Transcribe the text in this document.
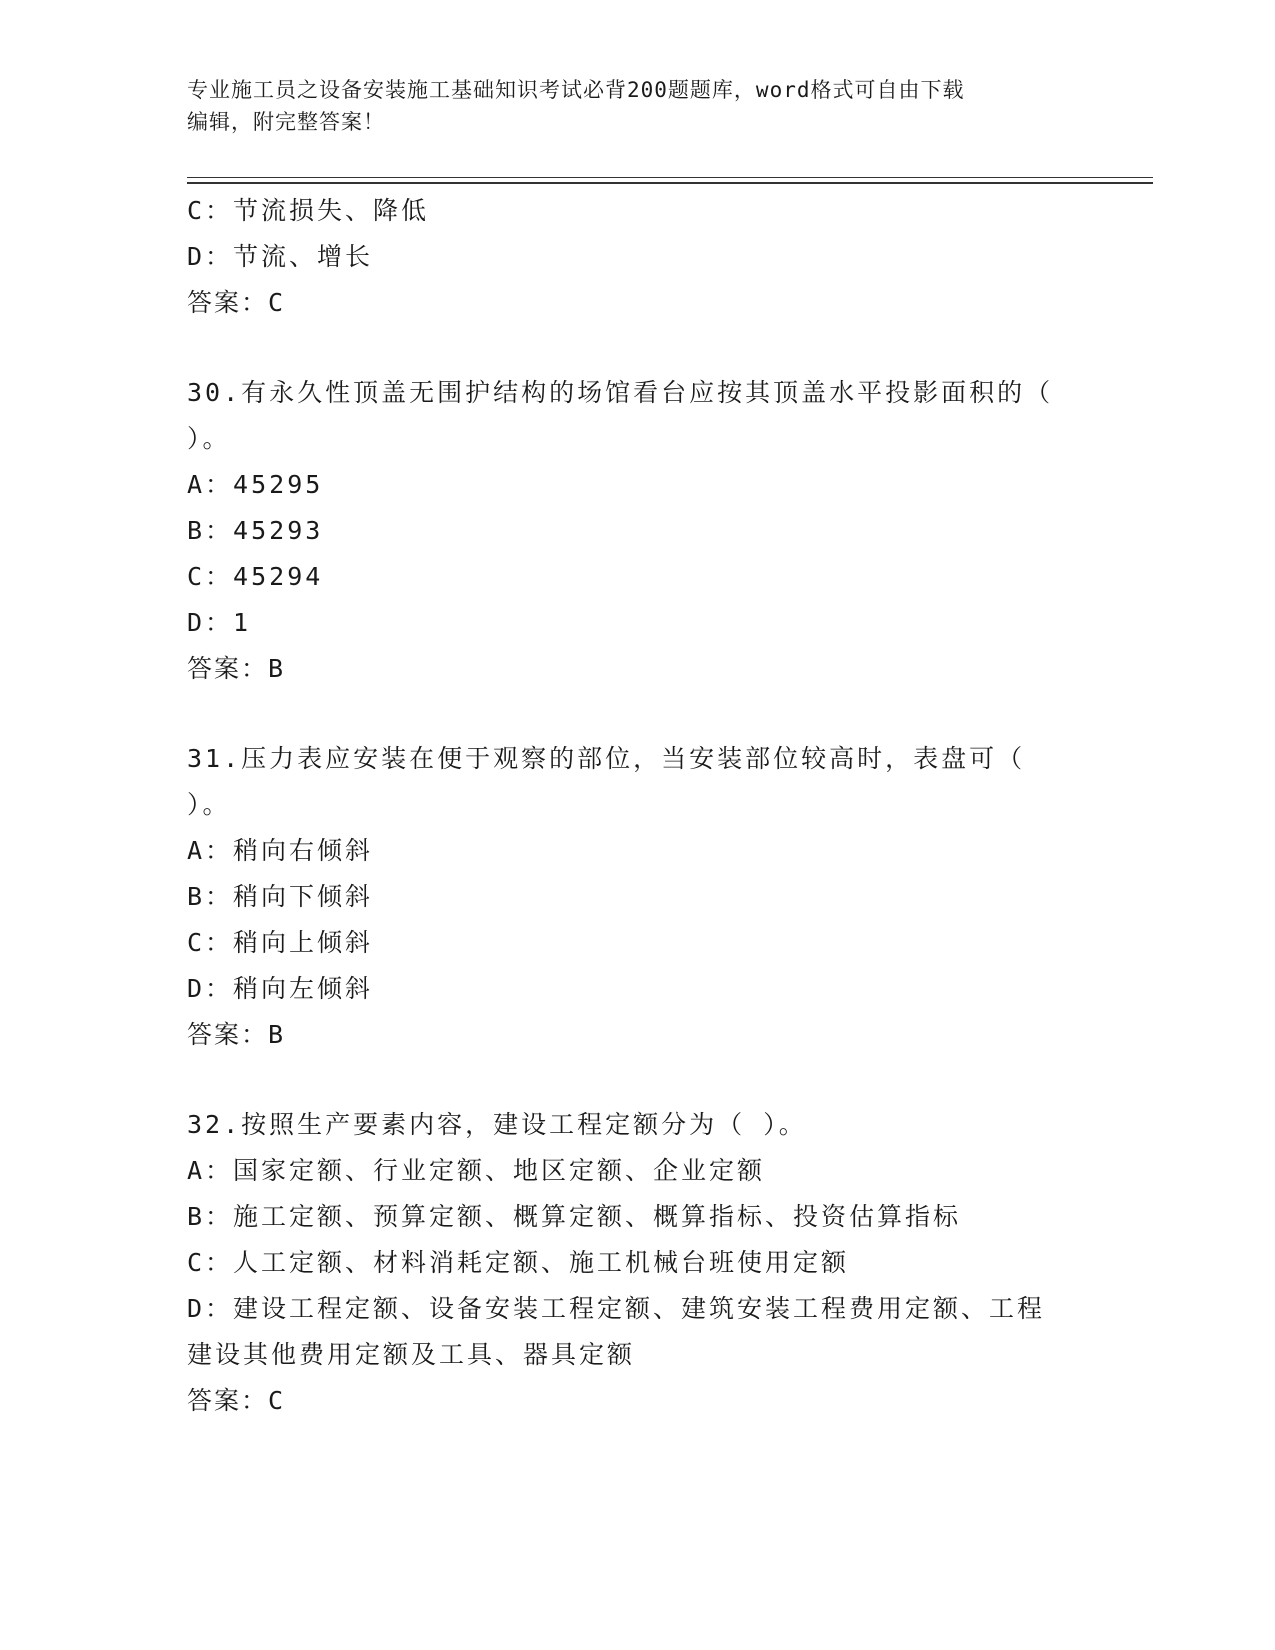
专业施工员之设备安装施工基础知识考试必背200题题库，word格式可自由下载
编辑，附完整答案！
C：节流损失、降低
D：节流、增长
答案：C
30.有永久性顶盖无围护结构的场馆看台应按其顶盖水平投影面积的（
）。
A：45295
B：45293
C：45294
D：1
答案：B
31.压力表应安装在便于观察的部位，当安装部位较高时，表盘可（
）。
A：稍向右倾斜
B：稍向下倾斜
C：稍向上倾斜
D：稍向左倾斜
答案：B
32.按照生产要素内容，建设工程定额分为（ ）。
A：国家定额、行业定额、地区定额、企业定额
B：施工定额、预算定额、概算定额、概算指标、投资估算指标
C：人工定额、材料消耗定额、施工机械台班使用定额
D：建设工程定额、设备安装工程定额、建筑安装工程费用定额、工程
建设其他费用定额及工具、器具定额
答案：C
